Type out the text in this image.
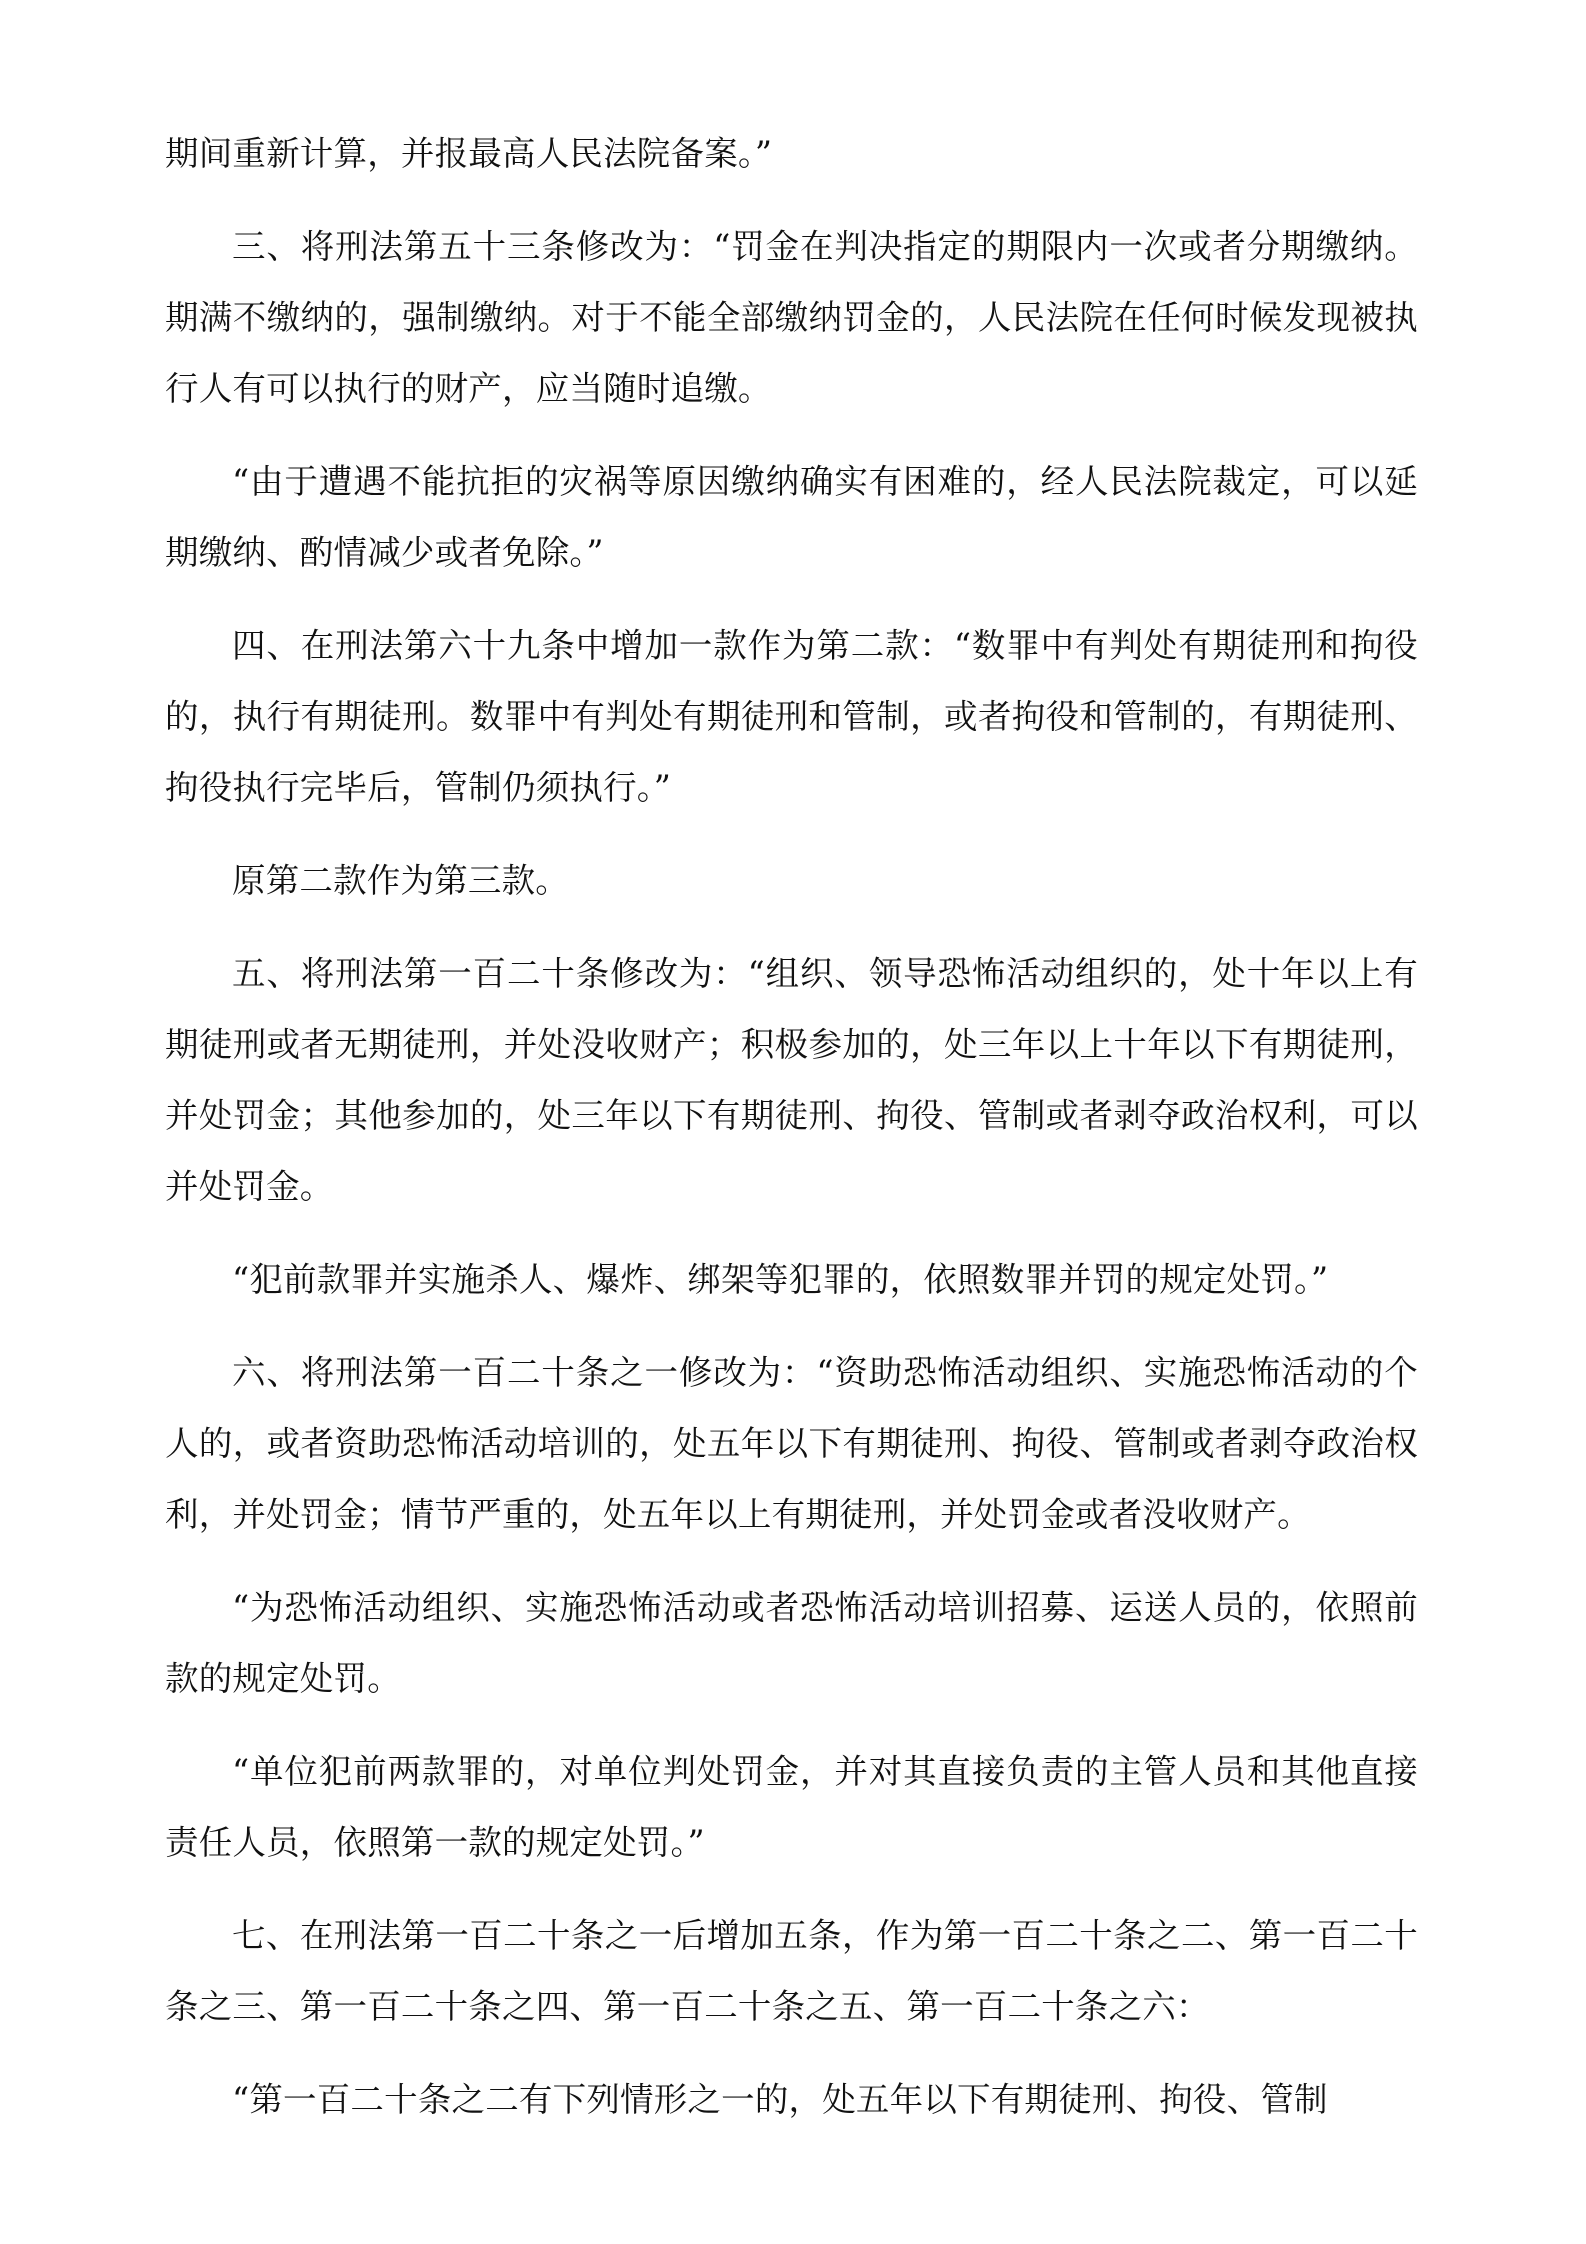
期间重新计算，并报最高人民法院备案。”

三、将刑法第五十三条修改为：“罚金在判决指定的期限内一次或者分期缴纳。期满不缴纳的，强制缴纳。对于不能全部缴纳罚金的，人民法院在任何时候发现被执行人有可以执行的财产，应当随时追缴。

“由于遭遇不能抗拒的灾祸等原因缴纳确实有困难的，经人民法院裁定，可以延期缴纳、酌情减少或者免除。”

四、在刑法第六十九条中增加一款作为第二款：“数罪中有判处有期徒刑和拘役的，执行有期徒刑。数罪中有判处有期徒刑和管制，或者拘役和管制的，有期徒刑、拘役执行完毕后，管制仍须执行。”

原第二款作为第三款。

五、将刑法第一百二十条修改为：“组织、领导恐怖活动组织的，处十年以上有期徒刑或者无期徒刑，并处没收财产；积极参加的，处三年以上十年以下有期徒刑，并处罚金；其他参加的，处三年以下有期徒刑、拘役、管制或者剥夺政治权利，可以并处罚金。

“犯前款罪并实施杀人、爆炸、绑架等犯罪的，依照数罪并罚的规定处罚。”

六、将刑法第一百二十条之一修改为：“资助恐怖活动组织、实施恐怖活动的个人的，或者资助恐怖活动培训的，处五年以下有期徒刑、拘役、管制或者剥夺政治权利，并处罚金；情节严重的，处五年以上有期徒刑，并处罚金或者没收财产。

“为恐怖活动组织、实施恐怖活动或者恐怖活动培训招募、运送人员的，依照前款的规定处罚。

“单位犯前两款罪的，对单位判处罚金，并对其直接负责的主管人员和其他直接责任人员，依照第一款的规定处罚。”

七、在刑法第一百二十条之一后增加五条，作为第一百二十条之二、第一百二十条之三、第一百二十条之四、第一百二十条之五、第一百二十条之六：

“第一百二十条之二有下列情形之一的，处五年以下有期徒刑、拘役、管制
